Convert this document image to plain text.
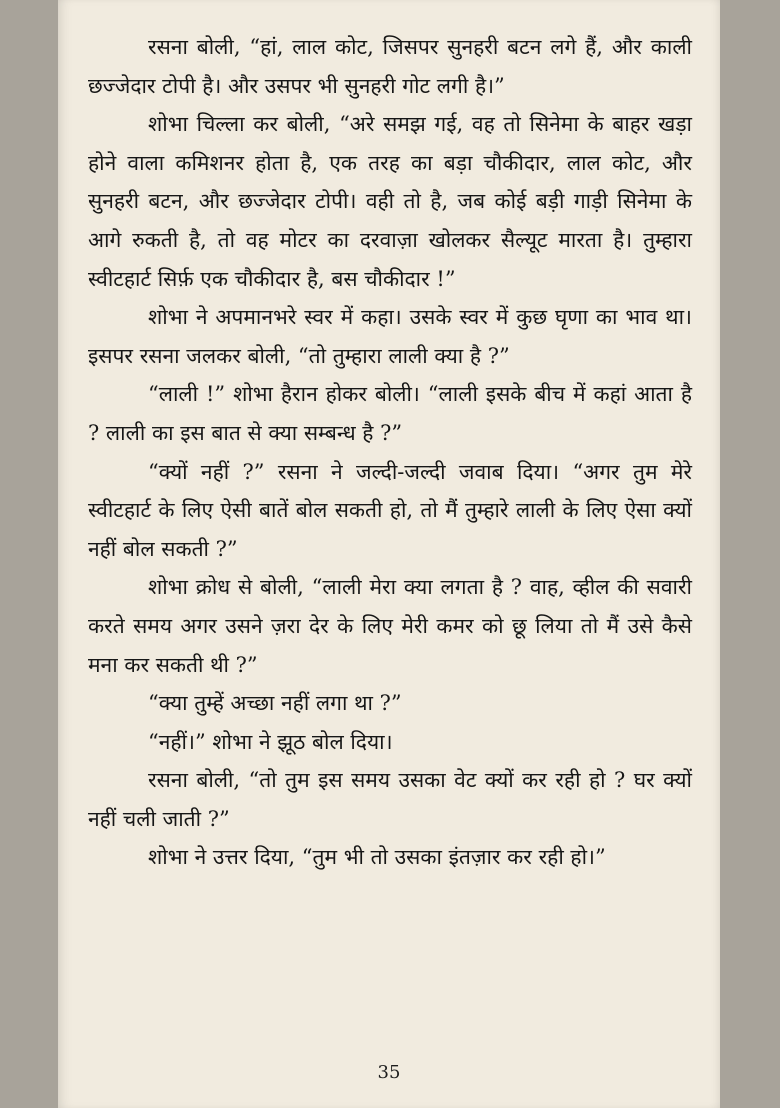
रसना बोली, “हां, लाल कोट, जिसपर सुनहरी बटन लगे हैं, और काली छज्जेदार टोपी है। और उसपर भी सुनहरी गोट लगी है।”

शोभा चिल्ला कर बोली, “अरे समझ गई, वह तो सिनेमा के बाहर खड़ा होने वाला कमिशनर होता है, एक तरह का बड़ा चौकीदार, लाल कोट, और सुनहरी बटन, और छज्जेदार टोपी। वही तो है, जब कोई बड़ी गाड़ी सिनेमा के आगे रुकती है, तो वह मोटर का दरवाज़ा खोलकर सैल्यूट मारता है। तुम्हारा स्वीटहार्ट सिर्फ़ एक चौकीदार है, बस चौकीदार !”

शोभा ने अपमानभरे स्वर में कहा। उसके स्वर में कुछ घृणा का भाव था। इसपर रसना जलकर बोली, “तो तुम्हारा लाली क्या है ?”

“लाली !” शोभा हैरान होकर बोली। “लाली इसके बीच में कहां आता है ? लाली का इस बात से क्या सम्बन्ध है ?”

“क्यों नहीं ?” रसना ने जल्दी-जल्दी जवाब दिया। “अगर तुम मेरे स्वीटहार्ट के लिए ऐसी बातें बोल सकती हो, तो मैं तुम्हारे लाली के लिए ऐसा क्यों नहीं बोल सकती ?”

शोभा क्रोध से बोली, “लाली मेरा क्या लगता है ? वाह, व्हील की सवारी करते समय अगर उसने ज़रा देर के लिए मेरी कमर को छू लिया तो मैं उसे कैसे मना कर सकती थी ?”

“क्या तुम्हें अच्छा नहीं लगा था ?”

“नहीं।” शोभा ने झूठ बोल दिया।

रसना बोली, “तो तुम इस समय उसका वेट क्यों कर रही हो ? घर क्यों नहीं चली जाती ?”

शोभा ने उत्तर दिया, “तुम भी तो उसका इंतज़ार कर रही हो।”

35
